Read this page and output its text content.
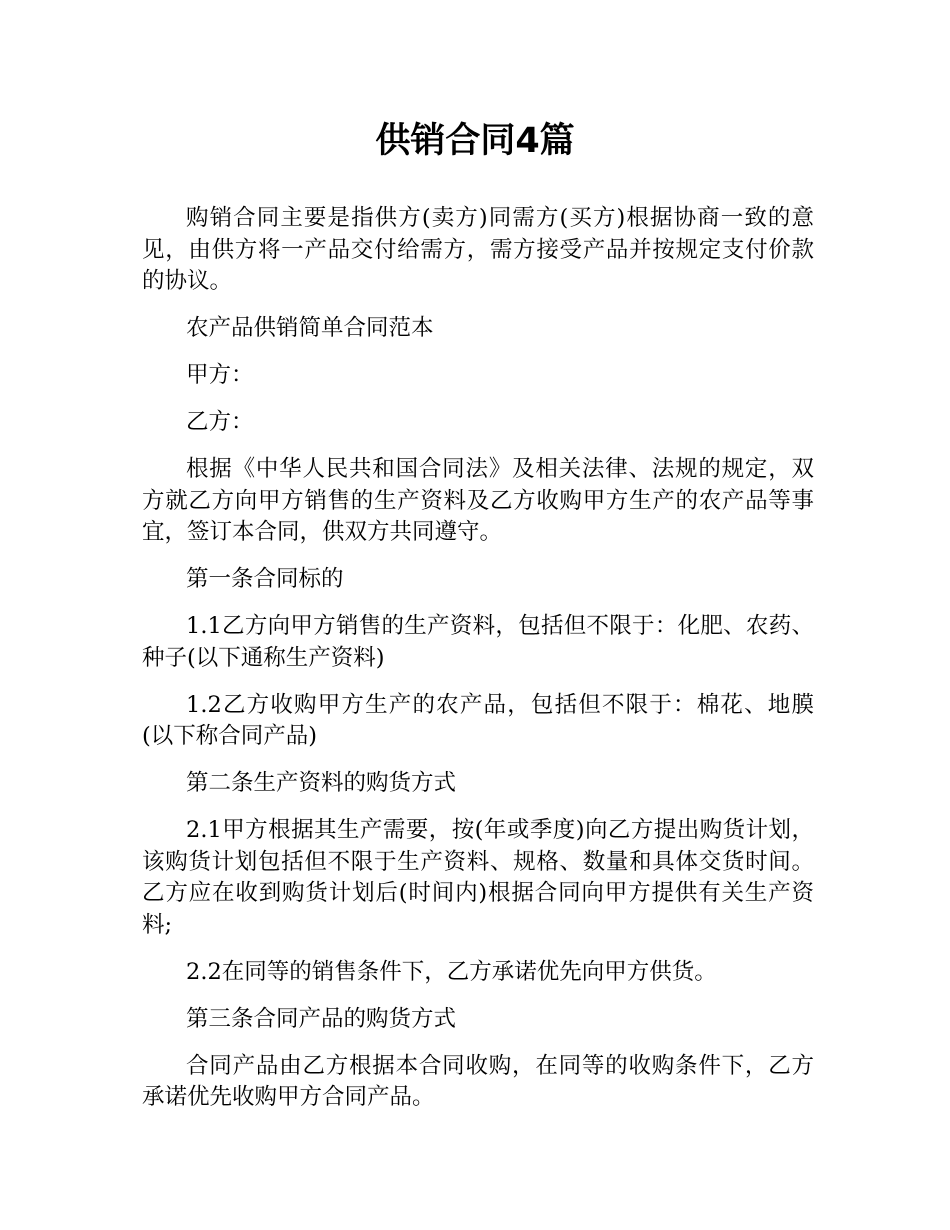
供销合同4篇

购销合同主要是指供方(卖方)同需方(买方)根据协商一致的意见，由供方将一产品交付给需方，需方接受产品并按规定支付价款的协议。

农产品供销简单合同范本

甲方：

乙方：

根据《中华人民共和国合同法》及相关法律、法规的规定，双方就乙方向甲方销售的生产资料及乙方收购甲方生产的农产品等事宜，签订本合同，供双方共同遵守。

第一条合同标的

1.1乙方向甲方销售的生产资料，包括但不限于：化肥、农药、种子(以下通称生产资料)

1.2乙方收购甲方生产的农产品，包括但不限于：棉花、地膜(以下称合同产品)

第二条生产资料的购货方式

2.1甲方根据其生产需要，按(年或季度)向乙方提出购货计划，该购货计划包括但不限于生产资料、规格、数量和具体交货时间。乙方应在收到购货计划后(时间内)根据合同向甲方提供有关生产资料;

2.2在同等的销售条件下，乙方承诺优先向甲方供货。

第三条合同产品的购货方式

合同产品由乙方根据本合同收购，在同等的收购条件下，乙方承诺优先收购甲方合同产品。
